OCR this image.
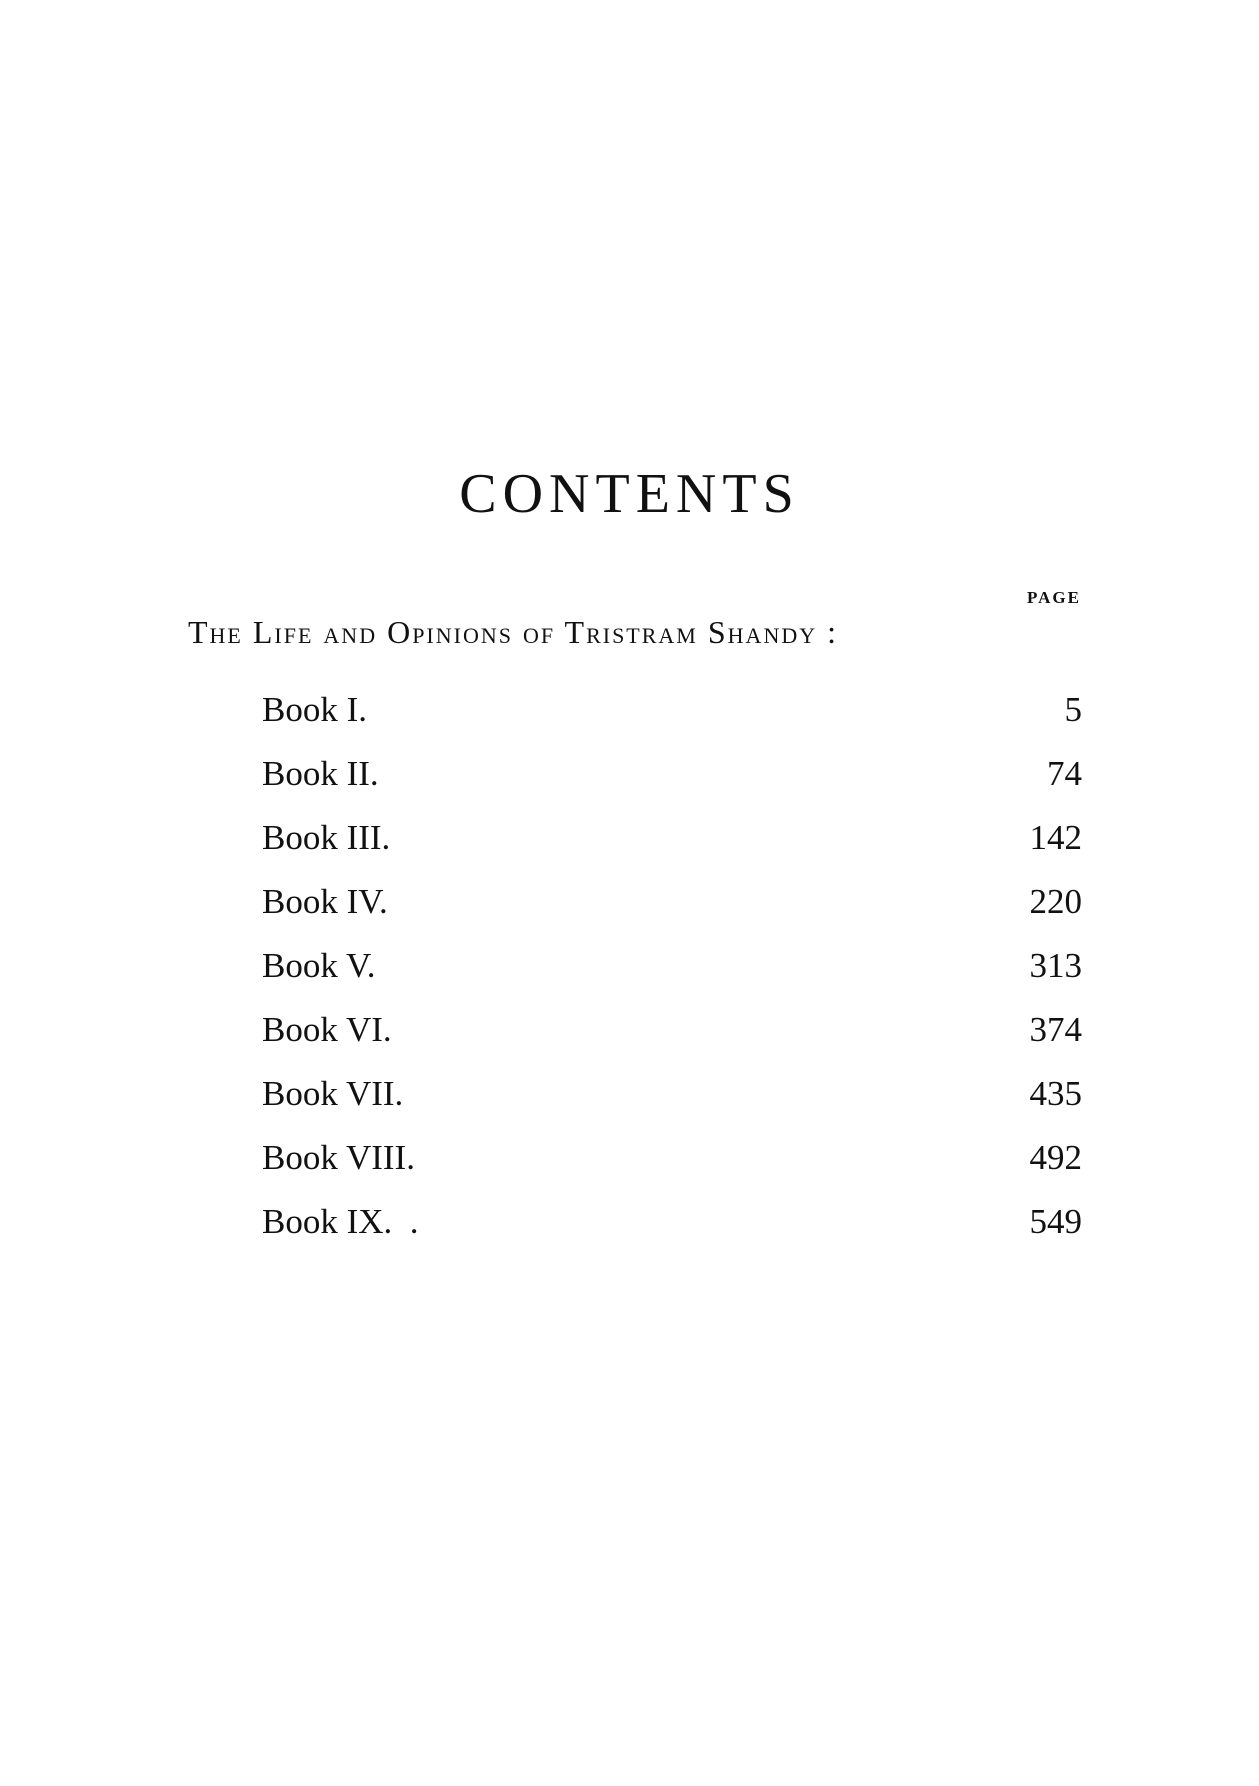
CONTENTS
PAGE
The Life and Opinions of Tristram Shandy :
Book I.	5
Book II.	74
Book III.	142
Book IV.	220
Book V.	313
Book VI.	374
Book VII.	435
Book VIII.	492
Book IX.  .	549
